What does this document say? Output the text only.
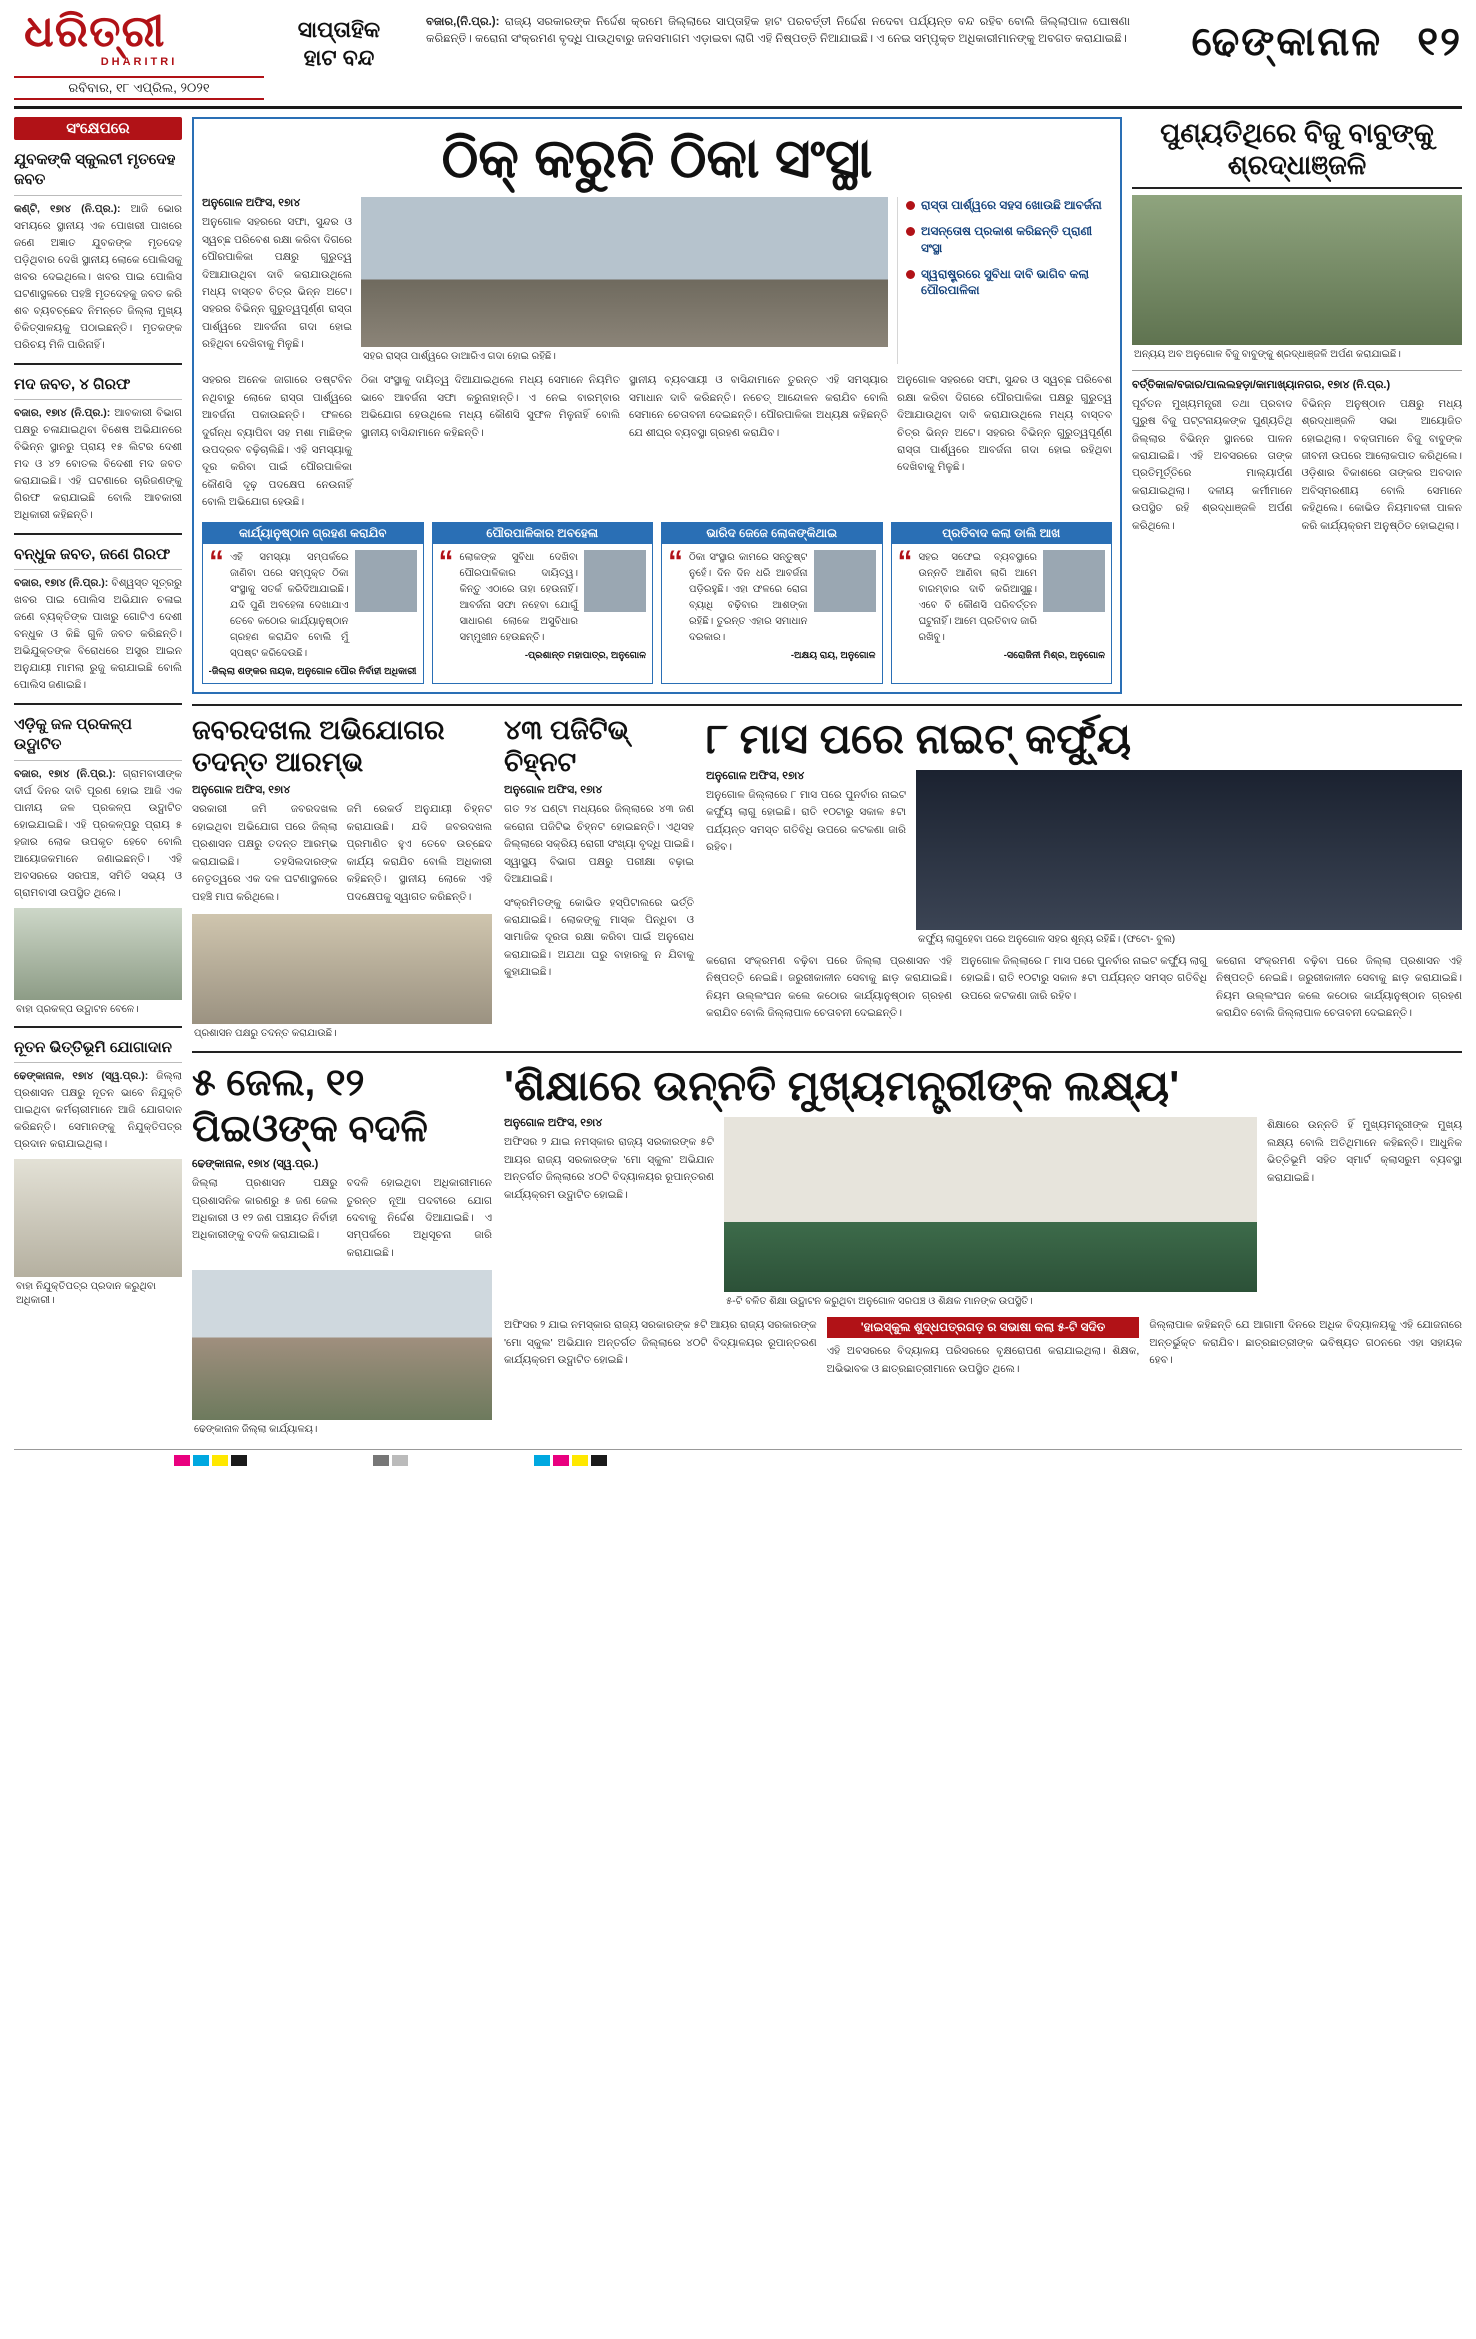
ଧରିତ୍ରୀ
DHARITRI
ରବିବାର, ୧୮ ଏପ୍ରିଲ, ୨୦୨୧
ସାପ୍ତାହିକ
ହାଟ ବନ୍ଦ
ବଜାର,(ନି.ପ୍ର.): ରାଜ୍ୟ ସରକାରଙ୍କ ନିର୍ଦ୍ଦେଶ କ୍ରମେ ଜିଲ୍ଲାରେ ସାପ୍ତାହିକ ହାଟ ପରବର୍ତ୍ତୀ ନିର୍ଦ୍ଦେଶ ନଦେବା ପର୍ଯ୍ୟନ୍ତ ବନ୍ଦ ରହିବ ବୋଲି ଜିଲ୍ଲାପାଳ ଘୋଷଣା କରିଛନ୍ତି। କରୋନା ସଂକ୍ରମଣ ବୃଦ୍ଧି ପାଉଥିବାରୁ ଜନସମାଗମ ଏଡ଼ାଇବା ଲାଗି ଏହି ନିଷ୍ପତ୍ତି ନିଆଯାଇଛି। ଏ ନେଇ ସମ୍ପୃକ୍ତ ଅଧିକାରୀମାନଙ୍କୁ ଅବଗତ କରାଯାଇଛି।	ଢେଙ୍କାନାଳ ୧୨
ସଂକ୍ଷେପରେ
ଯୁବକଙ୍କି ସ୍କୁଲଟୀ ମୃତଦେହ ଜବତ
କଣ୍ଟି, ୧୭ା୪ (ନି.ପ୍ର.): ଆଜି ଭୋର ସମୟରେ ସ୍ଥାନୀୟ ଏକ ପୋଖରୀ ପାଖରେ ଜଣେ ଅଜ୍ଞାତ ଯୁବକଙ୍କ ମୃତଦେହ ପଡ଼ିଥିବାର ଦେଖି ସ୍ଥାନୀୟ ଲୋକେ ପୋଲିସକୁ ଖବର ଦେଇଥିଲେ। ଖବର ପାଇ ପୋଲିସ ଘଟଣାସ୍ଥଳରେ ପହଞ୍ଚି ମୃତଦେହକୁ ଜବତ କରି ଶବ ବ୍ୟବଚ୍ଛେଦ ନିମନ୍ତେ ଜିଲ୍ଲା ମୁଖ୍ୟ ଚିକିତ୍ସାଳୟକୁ ପଠାଇଛନ୍ତି। ମୃତକଙ୍କ ପରିଚୟ ମିଳି ପାରିନାହିଁ।
ମଦ ଜବତ, ୪ ଗିରଫ
ବଜାର, ୧୭ା୪ (ନି.ପ୍ର.): ଆବକାରୀ ବିଭାଗ ପକ୍ଷରୁ ଚଳାଯାଇଥିବା ବିଶେଷ ଅଭିଯାନରେ ବିଭିନ୍ନ ସ୍ଥାନରୁ ପ୍ରାୟ ୧୫ ଲିଟର ଦେଶୀ ମଦ ଓ ୪୨ ବୋତଲ ବିଦେଶୀ ମଦ ଜବତ କରାଯାଇଛି। ଏହି ଘଟଣାରେ ଚାରିଜଣଙ୍କୁ ଗିରଫ କରାଯାଇଛି ବୋଲି ଆବକାରୀ ଅଧିକାରୀ କହିଛନ୍ତି।
ବନ୍ଧୁକ ଜବତ, ଜଣେ ଗିରଫ
ବଜାର, ୧୭ା୪ (ନି.ପ୍ର.): ବିଶ୍ୱସ୍ତ ସୂତ୍ରରୁ ଖବର ପାଇ ପୋଲିସ ଅଭିଯାନ ଚଳାଇ ଜଣେ ବ୍ୟକ୍ତିଙ୍କ ପାଖରୁ ଗୋଟିଏ ଦେଶୀ ବନ୍ଧୁକ ଓ କିଛି ଗୁଳି ଜବତ କରିଛନ୍ତି। ଅଭିଯୁକ୍ତଙ୍କ ବିରୋଧରେ ଅସ୍ତ୍ର ଆଇନ ଅନୁଯାୟୀ ମାମଲା ରୁଜୁ କରାଯାଇଛି ବୋଲି ପୋଲିସ ଜଣାଇଛି।
ଏଡ଼ିକୁ ଜଳ ପ୍ରକଳ୍ପ ଉଦ୍ଘାଟିତ
ବଜାର, ୧୭ା୪ (ନି.ପ୍ର.): ଗ୍ରାମବାସୀଙ୍କ ଦୀର୍ଘ ଦିନର ଦାବି ପୂରଣ ହୋଇ ଆଜି ଏକ ପାନୀୟ ଜଳ ପ୍ରକଳ୍ପ ଉଦ୍ଘାଟିତ ହୋଇଯାଇଛି। ଏହି ପ୍ରକଳ୍ପରୁ ପ୍ରାୟ ୫ ହଜାର ଲୋକ ଉପକୃତ ହେବେ ବୋଲି ଆୟୋଜକମାନେ ଜଣାଇଛନ୍ତି। ଏହି ଅବସରରେ ସରପଞ୍ଚ, ସମିତି ସଭ୍ୟ ଓ ଗ୍ରାମବାସୀ ଉପସ୍ଥିତ ଥିଲେ।
ବାହା ପ୍ରକଳ୍ପ ଉଦ୍ଘାଟନ ବେଳେ।
ନୂତନ ଭିତ୍ତିଭୂମି ଯୋଗାଦାନ
ଢେଙ୍କାନାଳ, ୧୭ା୪ (ସ୍ୱ.ପ୍ର.): ଜିଲ୍ଲା ପ୍ରଶାସନ ପକ୍ଷରୁ ନୂତନ ଭାବେ ନିଯୁକ୍ତି ପାଇଥିବା କର୍ମଚାରୀମାନେ ଆଜି ଯୋଗଦାନ କରିଛନ୍ତି। ସେମାନଙ୍କୁ ନିଯୁକ୍ତିପତ୍ର ପ୍ରଦାନ କରାଯାଇଥିଲା।
ବାହା ନିଯୁକ୍ତିପତ୍ର ପ୍ରଦାନ କରୁଥିବା ଅଧିକାରୀ।
ଠିକ୍ କରୁନି ଠିକା ସଂସ୍ଥା
ଅନୁଗୋଳ ଅଫିସ, ୧୭ା୪
ଅନୁଗୋଳ ସହରରେ ସଫା, ସୁନ୍ଦର ଓ ସ୍ୱଚ୍ଛ ପରିବେଶ ରକ୍ଷା କରିବା ଦିଗରେ ପୌରପାଳିକା ପକ୍ଷରୁ ଗୁରୁତ୍ୱ ଦିଆଯାଉଥିବା ଦାବି କରାଯାଉଥିଲେ ମଧ୍ୟ ବାସ୍ତବ ଚିତ୍ର ଭିନ୍ନ ଅଟେ। ସହରର ବିଭିନ୍ନ ଗୁରୁତ୍ୱପୂର୍ଣ୍ଣ ରାସ୍ତା ପାର୍ଶ୍ୱରେ ଆବର୍ଜନା ଗଦା ହୋଇ ରହିଥିବା ଦେଖିବାକୁ ମିଳୁଛି।
ସହର ରାସ୍ତା ପାର୍ଶ୍ୱରେ ଡାଆରିଏ ଗଦା ହୋଇ ରହିଛି।
ରାସ୍ତା ପାର୍ଶ୍ୱରେ ସହସ ଖୋଉଛି ଆବର୍ଜନା
ଅସନ୍ତୋଷ ପ୍ରକାଶ କରିଛନ୍ତି ପ୍ରାଣୀ ସଂସ୍ଥା
ସ୍ୱରାଷ୍ଟ୍ରରେ ସୁବିଧା ଦାବି ଭାଗିବ କଲା ପୌରପାଳିକା
ସହରର ଅନେକ ଜାଗାରେ ଡଷ୍ଟବିନ ନଥିବାରୁ ଲୋକେ ରାସ୍ତା ପାର୍ଶ୍ୱରେ ଆବର୍ଜନା ପକାଉଛନ୍ତି। ଫଳରେ ଦୁର୍ଗନ୍ଧ ବ୍ୟାପିବା ସହ ମଶା ମାଛିଙ୍କ ଉପଦ୍ରବ ବଢ଼ିଚାଲିଛି। ଏହି ସମସ୍ୟାକୁ ଦୂର କରିବା ପାଇଁ ପୌରପାଳିକା କୌଣସି ଦୃଢ଼ ପଦକ୍ଷେପ ନେଉନାହିଁ ବୋଲି ଅଭିଯୋଗ ହେଉଛି।
ଠିକା ସଂସ୍ଥାକୁ ଦାୟିତ୍ୱ ଦିଆଯାଇଥିଲେ ମଧ୍ୟ ସେମାନେ ନିୟମିତ ଭାବେ ଆବର୍ଜନା ସଫା କରୁନାହାନ୍ତି। ଏ ନେଇ ବାରମ୍ବାର ଅଭିଯୋଗ ହେଉଥିଲେ ମଧ୍ୟ କୌଣସି ସୁଫଳ ମିଳୁନାହିଁ ବୋଲି ସ୍ଥାନୀୟ ବାସିନ୍ଦାମାନେ କହିଛନ୍ତି।
ସ୍ଥାନୀୟ ବ୍ୟବସାୟୀ ଓ ବାସିନ୍ଦାମାନେ ତୁରନ୍ତ ଏହି ସମସ୍ୟାର ସମାଧାନ ଦାବି କରିଛନ୍ତି। ନଚେତ୍ ଆନ୍ଦୋଳନ କରାଯିବ ବୋଲି ସେମାନେ ଚେତାବନୀ ଦେଇଛନ୍ତି। ପୌରପାଳିକା ଅଧ୍ୟକ୍ଷ କହିଛନ୍ତି ଯେ ଶୀଘ୍ର ବ୍ୟବସ୍ଥା ଗ୍ରହଣ କରାଯିବ।
ଅନୁଗୋଳ ସହରରେ ସଫା, ସୁନ୍ଦର ଓ ସ୍ୱଚ୍ଛ ପରିବେଶ ରକ୍ଷା କରିବା ଦିଗରେ ପୌରପାଳିକା ପକ୍ଷରୁ ଗୁରୁତ୍ୱ ଦିଆଯାଉଥିବା ଦାବି କରାଯାଉଥିଲେ ମଧ୍ୟ ବାସ୍ତବ ଚିତ୍ର ଭିନ୍ନ ଅଟେ। ସହରର ବିଭିନ୍ନ ଗୁରୁତ୍ୱପୂର୍ଣ୍ଣ ରାସ୍ତା ପାର୍ଶ୍ୱରେ ଆବର୍ଜନା ଗଦା ହୋଇ ରହିଥିବା ଦେଖିବାକୁ ମିଳୁଛି।
କାର୍ଯ୍ୟାନୁଷ୍ଠାନ ଗ୍ରହଣ କରାଯିବ
“ ଏହି ସମସ୍ୟା ସମ୍ପର୍କରେ ଜାଣିବା ପରେ ସମ୍ପୃକ୍ତ ଠିକା ସଂସ୍ଥାକୁ ସତର୍କ କରିଦିଆଯାଇଛି। ଯଦି ପୁଣି ଅବହେଳା ଦେଖାଯାଏ ତେବେ କଠୋର କାର୍ଯ୍ୟାନୁଷ୍ଠାନ ଗ୍ରହଣ କରାଯିବ ବୋଲି ମୁଁ ସ୍ପଷ୍ଟ କରିଦେଉଛି।
-ଜିଲ୍ଲା ଶଙ୍କର ନାୟକ, ଅନୁଗୋଳ ପୌର ନିର୍ବାହୀ ଅଧିକାରୀ
ପୌରପାଳିକାର ଅବହେଳା
“ ଲୋକଙ୍କ ସୁବିଧା ଦେଖିବା ପୌରପାଳିକାର ଦାୟିତ୍ୱ। କିନ୍ତୁ ଏଠାରେ ତାହା ହେଉନାହିଁ। ଆବର୍ଜନା ସଫା ନହେବା ଯୋଗୁଁ ସାଧାରଣ ଲୋକେ ଅସୁବିଧାର ସମ୍ମୁଖୀନ ହେଉଛନ୍ତି।
-ପ୍ରଶାନ୍ତ ମହାପାତ୍ର, ଅନୁଗୋଳ
ଭାରିଦ ଜେଜେ ଲୋକଙ୍କିଥାଇ
“ ଠିକା ସଂସ୍ଥାର କାମରେ ସନ୍ତୁଷ୍ଟ ନୁହେଁ। ଦିନ ଦିନ ଧରି ଆବର୍ଜନା ପଡ଼ିରହୁଛି। ଏହା ଫଳରେ ରୋଗ ବ୍ୟାଧି ବଢ଼ିବାର ଆଶଙ୍କା ରହିଛି। ତୁରନ୍ତ ଏହାର ସମାଧାନ ଦରକାର।
-ଅକ୍ଷୟ ରାୟ, ଅନୁଗୋଳ
ପ୍ରତିବାଦ କଲା ଡାଲି ଆଖ
“ ସହର ସଫେଇ ବ୍ୟବସ୍ଥାରେ ଉନ୍ନତି ଆଣିବା ଲାଗି ଆମେ ବାରମ୍ବାର ଦାବି କରିଆସୁଛୁ। ଏବେ ବି କୌଣସି ପରିବର୍ତ୍ତନ ଘଟୁନାହିଁ। ଆମେ ପ୍ରତିବାଦ ଜାରି ରଖିବୁ।
-ସରୋଜିନୀ ମିଶ୍ର, ଅନୁଗୋଳ
ପୁଣ୍ୟତିଥିରେ ବିଜୁ ବାବୁଙ୍କୁ ଶ୍ରଦ୍ଧାଞ୍ଜଳି
ଅନ୍ୟୟ ଅବ ଅନୁଗୋଳ ବିଜୁ ବାବୁଙ୍କୁ ଶ୍ରଦ୍ଧାଞ୍ଜଳି ଅର୍ପଣ କରାଯାଇଛି।
ବର୍ତ୍ତିକାଳ/ବଜାର/ପାଲଲହଡ଼ା/କାମାଖ୍ୟାନଗର, ୧୭ା୪ (ନି.ପ୍ର.)
ପୂର୍ବତନ ମୁଖ୍ୟମନ୍ତ୍ରୀ ତଥା ପ୍ରବାଦ ପୁରୁଷ ବିଜୁ ପଟ୍ଟନାୟକଙ୍କ ପୁଣ୍ୟତିଥି ଜିଲ୍ଲାର ବିଭିନ୍ନ ସ୍ଥାନରେ ପାଳନ କରାଯାଇଛି। ଏହି ଅବସରରେ ତାଙ୍କ ପ୍ରତିମୂର୍ତ୍ତିରେ ମାଲ୍ୟାର୍ପଣ କରାଯାଇଥିଲା। ଦଳୀୟ କର୍ମୀମାନେ ଉପସ୍ଥିତ ରହି ଶ୍ରଦ୍ଧାଞ୍ଜଳି ଅର୍ପଣ କରିଥିଲେ।
ବିଭିନ୍ନ ଅନୁଷ୍ଠାନ ପକ୍ଷରୁ ମଧ୍ୟ ଶ୍ରଦ୍ଧାଞ୍ଜଳି ସଭା ଆୟୋଜିତ ହୋଇଥିଲା। ବକ୍ତାମାନେ ବିଜୁ ବାବୁଙ୍କ ଜୀବନୀ ଉପରେ ଆଲୋକପାତ କରିଥିଲେ। ଓଡ଼ିଶାର ବିକାଶରେ ତାଙ୍କର ଅବଦାନ ଅବିସ୍ମରଣୀୟ ବୋଲି ସେମାନେ କହିଥିଲେ। କୋଭିଡ ନିୟମାବଳୀ ପାଳନ କରି କାର୍ଯ୍ୟକ୍ରମ ଅନୁଷ୍ଠିତ ହୋଇଥିଲା।
ଜବରଦଖଲ ଅଭିଯୋଗର ତଦନ୍ତ ଆରମ୍ଭ
ଅନୁଗୋଳ ଅଫିସ, ୧୭ା୪
ସରକାରୀ ଜମି ଜବରଦଖଲ ହୋଇଥିବା ଅଭିଯୋଗ ପରେ ଜିଲ୍ଲା ପ୍ରଶାସନ ପକ୍ଷରୁ ତଦନ୍ତ ଆରମ୍ଭ କରାଯାଇଛି। ତହସିଲଦାରଙ୍କ ନେତୃତ୍ୱରେ ଏକ ଦଳ ଘଟଣାସ୍ଥଳରେ ପହଞ୍ଚି ମାପ କରିଥିଲେ।
ଜମି ରେକର୍ଡ ଅନୁଯାୟୀ ଚିହ୍ନଟ କରାଯାଉଛି। ଯଦି ଜବରଦଖଲ ପ୍ରମାଣିତ ହୁଏ ତେବେ ଉଚ୍ଛେଦ କାର୍ଯ୍ୟ କରାଯିବ ବୋଲି ଅଧିକାରୀ କହିଛନ୍ତି। ସ୍ଥାନୀୟ ଲୋକେ ଏହି ପଦକ୍ଷେପକୁ ସ୍ୱାଗତ କରିଛନ୍ତି।
ପ୍ରଶାସନ ପକ୍ଷରୁ ତଦନ୍ତ କରାଯାଉଛି।
୪୩ ପଜିଟିଭ୍ ଚିହ୍ନଟ
ଅନୁଗୋଳ ଅଫିସ, ୧୭ା୪
ଗତ ୨୪ ଘଣ୍ଟା ମଧ୍ୟରେ ଜିଲ୍ଲାରେ ୪୩ ଜଣ କରୋନା ପଜିଟିଭ ଚିହ୍ନଟ ହୋଇଛନ୍ତି। ଏଥିସହ ଜିଲ୍ଲାରେ ସକ୍ରିୟ ରୋଗୀ ସଂଖ୍ୟା ବୃଦ୍ଧି ପାଇଛି। ସ୍ୱାସ୍ଥ୍ୟ ବିଭାଗ ପକ୍ଷରୁ ପରୀକ୍ଷା ବଢ଼ାଇ ଦିଆଯାଇଛି।
ସଂକ୍ରମିତଙ୍କୁ କୋଭିଡ ହସ୍ପିଟାଲରେ ଭର୍ତ୍ତି କରାଯାଇଛି। ଲୋକଙ୍କୁ ମାସ୍କ ପିନ୍ଧିବା ଓ ସାମାଜିକ ଦୂରତା ରକ୍ଷା କରିବା ପାଇଁ ଅନୁରୋଧ କରାଯାଇଛି। ଅଯଥା ଘରୁ ବାହାରକୁ ନ ଯିବାକୁ କୁହାଯାଇଛି।
୮ ମାସ ପରେ ନାଇଟ୍ କର୍ଫ୍ୟୁ
ଅନୁଗୋଳ ଅଫିସ, ୧୭ା୪
ଅନୁଗୋଳ ଜିଲ୍ଲାରେ ୮ ମାସ ପରେ ପୁନର୍ବାର ନାଇଟ କର୍ଫ୍ୟୁ ଲାଗୁ ହୋଇଛି। ରାତି ୧୦ଟାରୁ ସକାଳ ୫ଟା ପର୍ଯ୍ୟନ୍ତ ସମସ୍ତ ଗତିବିଧି ଉପରେ କଟକଣା ଜାରି ରହିବ।
କର୍ଫ୍ୟୁ ଲାଗୁହେବା ପରେ ଅନୁଗୋଳ ସହର ଶୂନ୍ୟ ରହିଛି। (ଫଟୋ- ବୁଲ)
କରୋନା ସଂକ୍ରମଣ ବଢ଼ିବା ପରେ ଜିଲ୍ଲା ପ୍ରଶାସନ ଏହି ନିଷ୍ପତ୍ତି ନେଇଛି। ଜରୁରୀକାଳୀନ ସେବାକୁ ଛାଡ଼ କରାଯାଇଛି। ନିୟମ ଉଲ୍ଲଂଘନ କଲେ କଠୋର କାର୍ଯ୍ୟାନୁଷ୍ଠାନ ଗ୍ରହଣ କରାଯିବ ବୋଲି ଜିଲ୍ଲାପାଳ ଚେତାବନୀ ଦେଇଛନ୍ତି।
ଅନୁଗୋଳ ଜିଲ୍ଲାରେ ୮ ମାସ ପରେ ପୁନର୍ବାର ନାଇଟ କର୍ଫ୍ୟୁ ଲାଗୁ ହୋଇଛି। ରାତି ୧୦ଟାରୁ ସକାଳ ୫ଟା ପର୍ଯ୍ୟନ୍ତ ସମସ୍ତ ଗତିବିଧି ଉପରେ କଟକଣା ଜାରି ରହିବ।
କରୋନା ସଂକ୍ରମଣ ବଢ଼ିବା ପରେ ଜିଲ୍ଲା ପ୍ରଶାସନ ଏହି ନିଷ୍ପତ୍ତି ନେଇଛି। ଜରୁରୀକାଳୀନ ସେବାକୁ ଛାଡ଼ କରାଯାଇଛି। ନିୟମ ଉଲ୍ଲଂଘନ କଲେ କଠୋର କାର୍ଯ୍ୟାନୁଷ୍ଠାନ ଗ୍ରହଣ କରାଯିବ ବୋଲି ଜିଲ୍ଲାପାଳ ଚେତାବନୀ ଦେଇଛନ୍ତି।
୫ ଜେଲ, ୧୨ ପିଇଓଙ୍କ ବଦଳି
ଢେଙ୍କାନାଳ, ୧୭ା୪ (ସ୍ୱ.ପ୍ର.)
ଜିଲ୍ଲା ପ୍ରଶାସନ ପକ୍ଷରୁ ପ୍ରଶାସନିକ କାରଣରୁ ୫ ଜଣ ଜେଲ ଅଧିକାରୀ ଓ ୧୨ ଜଣ ପଞ୍ଚାୟତ ନିର୍ବାହୀ ଅଧିକାରୀଙ୍କୁ ବଦଳି କରାଯାଇଛି।
ବଦଳି ହୋଇଥିବା ଅଧିକାରୀମାନେ ତୁରନ୍ତ ନୂଆ ପଦବୀରେ ଯୋଗ ଦେବାକୁ ନିର୍ଦ୍ଦେଶ ଦିଆଯାଇଛି। ଏ ସମ୍ପର୍କରେ ଅଧିସୂଚନା ଜାରି କରାଯାଇଛି।
ଢେଙ୍କାନାଳ ଜିଲ୍ଲା କାର୍ଯ୍ୟାଳୟ।
'ଶିକ୍ଷାରେ ଉନ୍ନତି ମୁଖ୍ୟମନ୍ତ୍ରୀଙ୍କ ଲକ୍ଷ୍ୟ'
ଅନୁଗୋଳ ଅଫିସ, ୧୭ା୪
ଅଫିସର ୨ ଯାଇ ନମସ୍କାର ରାଜ୍ୟ ସରକାରଙ୍କ ୫ଟି ଆୟର ରାଜ୍ୟ ସରକାରଙ୍କ 'ମୋ ସ୍କୁଲ' ଅଭିଯାନ ଅନ୍ତର୍ଗତ ଜିଲ୍ଲାରେ ୪୦ଟି ବିଦ୍ୟାଳୟର ରୂପାନ୍ତରଣ କାର୍ଯ୍ୟକ୍ରମ ଉଦ୍ଘାଟିତ ହୋଇଛି।
୫-ଟି ବଳିତ ଶିକ୍ଷା ଉଦ୍ଘାଟନ କରୁଥିବା ଅନୁଗୋଳ ସରପଞ୍ଚ ଓ ଶିକ୍ଷକ ମାନଙ୍କ ଉପସ୍ଥିତି।
ଶିକ୍ଷାରେ ଉନ୍ନତି ହିଁ ମୁଖ୍ୟମନ୍ତ୍ରୀଙ୍କ ମୁଖ୍ୟ ଲକ୍ଷ୍ୟ ବୋଲି ଅତିଥିମାନେ କହିଛନ୍ତି। ଆଧୁନିକ ଭିତ୍ତିଭୂମି ସହିତ ସ୍ମାର୍ଟ କ୍ଲାସରୁମ ବ୍ୟବସ୍ଥା କରାଯାଇଛି।
ଅଫିସର ୨ ଯାଇ ନମସ୍କାର ରାଜ୍ୟ ସରକାରଙ୍କ ୫ଟି ଆୟର ରାଜ୍ୟ ସରକାରଙ୍କ 'ମୋ ସ୍କୁଲ' ଅଭିଯାନ ଅନ୍ତର୍ଗତ ଜିଲ୍ଲାରେ ୪୦ଟି ବିଦ୍ୟାଳୟର ରୂପାନ୍ତରଣ କାର୍ଯ୍ୟକ୍ରମ ଉଦ୍ଘାଟିତ ହୋଇଛି।
'ହାଇସ୍କୁଲ ଶୁଦ୍ଧପତ୍ରଗଡ଼ ର ସଭାଷା କଲା ୫-ଟି ସଦିତ
ଏହି ଅବସରରେ ବିଦ୍ୟାଳୟ ପରିସରରେ ବୃକ୍ଷରୋପଣ କରାଯାଇଥିଲା। ଶିକ୍ଷକ, ଅଭିଭାବକ ଓ ଛାତ୍ରଛାତ୍ରୀମାନେ ଉପସ୍ଥିତ ଥିଲେ।
ଜିଲ୍ଲାପାଳ କହିଛନ୍ତି ଯେ ଆଗାମୀ ଦିନରେ ଅଧିକ ବିଦ୍ୟାଳୟକୁ ଏହି ଯୋଜନାରେ ଅନ୍ତର୍ଭୁକ୍ତ କରାଯିବ। ଛାତ୍ରଛାତ୍ରୀଙ୍କ ଭବିଷ୍ୟତ ଗଠନରେ ଏହା ସହାୟକ ହେବ।
